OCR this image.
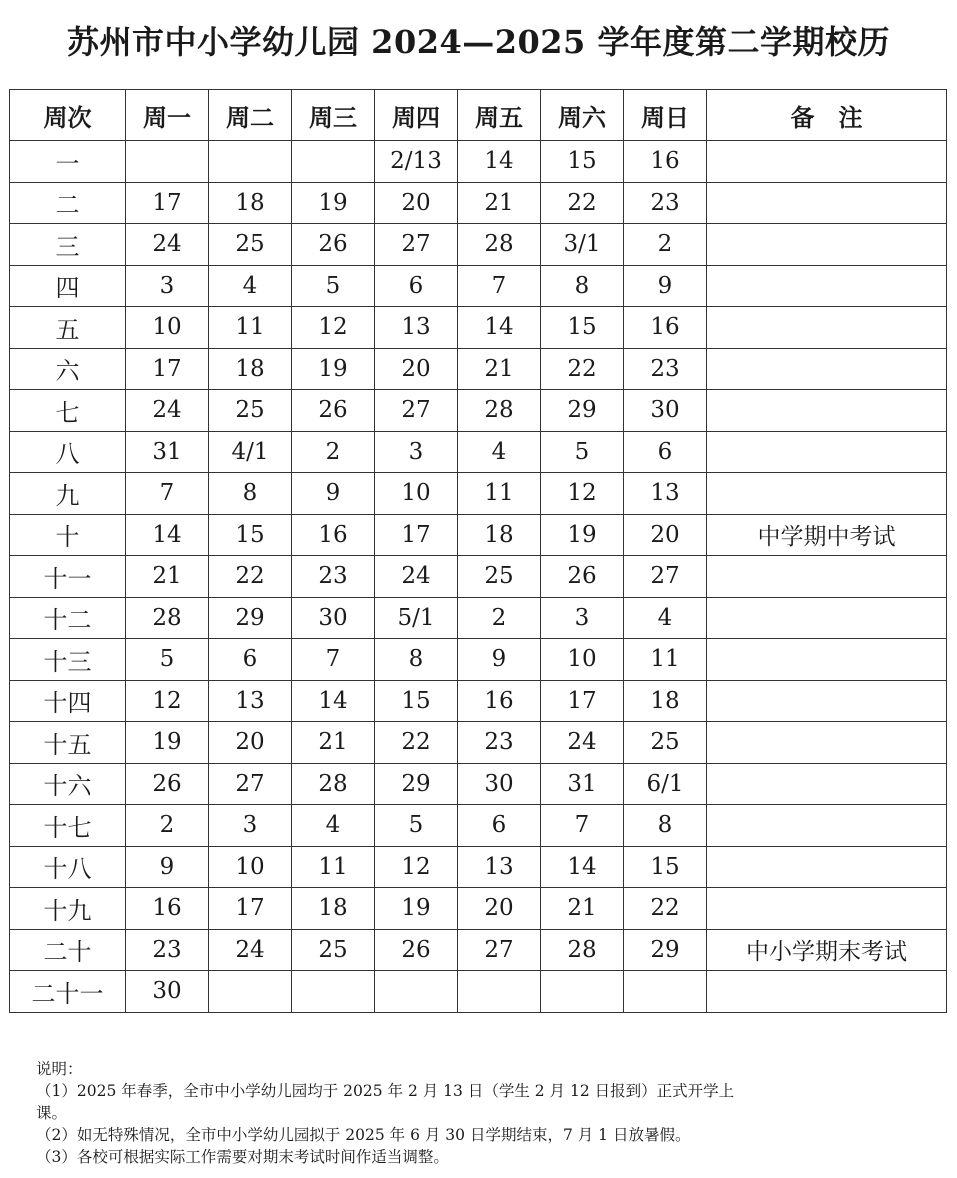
苏州市中小学幼儿园 2024—2025 学年度第二学期校历
周次	周一	周二	周三	周四	周五	周六	周日	备　注
一				2/13	14	15	16	
二	17	18	19	20	21	22	23	
三	24	25	26	27	28	3/1	2	
四	3	4	5	6	7	8	9	
五	10	11	12	13	14	15	16	
六	17	18	19	20	21	22	23	
七	24	25	26	27	28	29	30	
八	31	4/1	2	3	4	5	6	
九	7	8	9	10	11	12	13	
十	14	15	16	17	18	19	20	中学期中考试
十一	21	22	23	24	25	26	27	
十二	28	29	30	5/1	2	3	4	
十三	5	6	7	8	9	10	11	
十四	12	13	14	15	16	17	18	
十五	19	20	21	22	23	24	25	
十六	26	27	28	29	30	31	6/1	
十七	2	3	4	5	6	7	8	
十八	9	10	11	12	13	14	15	
十九	16	17	18	19	20	21	22	
二十	23	24	25	26	27	28	29	中小学期末考试
二十一	30							
说明：
（1）2025 年春季，全市中小学幼儿园均于 2025 年 2 月 13 日（学生 2 月 12 日报到）正式开学上
课。
（2）如无特殊情况，全市中小学幼儿园拟于 2025 年 6 月 30 日学期结束，7 月 1 日放暑假。
（3）各校可根据实际工作需要对期末考试时间作适当调整。
